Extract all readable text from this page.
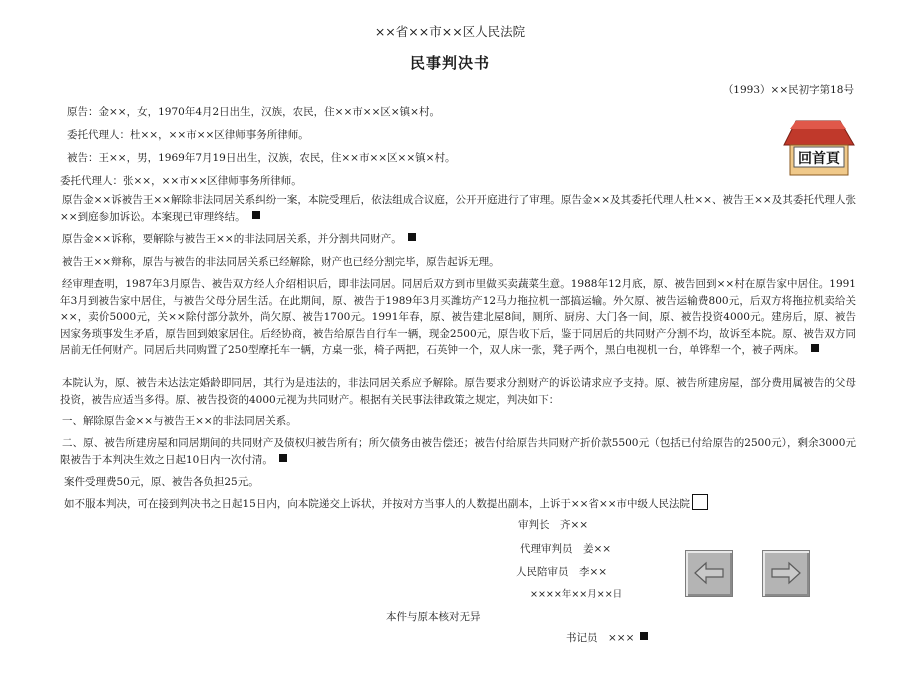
××省××市××区人民法院
民事判决书
（1993）××民初字第18号
原告：金××，女，1970年4月2日出生，汉族，农民，住××市××区×镇×村。
委托代理人：杜××，××市××区律师事务所律师。
被告：王××，男，1969年7月19日出生，汉族，农民，住××市××区××镇×村。
委托代理人：张××，××市××区律师事务所律师。
回首頁
原告金××诉被告王××解除非法同居关系纠纷一案，本院受理后，依法组成合议庭，公开开庭进行了审理。原告金××及其委托代理人杜××、被告王××及其委托代理人张××到庭参加诉讼。本案现已审理终结。
原告金××诉称，要解除与被告王××的非法同居关系，并分割共同财产。
被告王××辩称，原告与被告的非法同居关系已经解除，财产也已经分割完毕，原告起诉无理。
经审理查明，1987年3月原告、被告双方经人介绍相识后，即非法同居。同居后双方到市里做买卖蔬菜生意。1988年12月底，原、被告回到××村在原告家中居住。1991年3月到被告家中居住，与被告父母分居生活。在此期间，原、被告于1989年3月买潍坊产12马力拖拉机一部搞运输。外欠原、被告运输费800元，后双方将拖拉机卖给关××，卖价5000元，关××除付部分款外，尚欠原、被告1700元。1991年春，原、被告建北屋8间，厕所、厨房、大门各一间，原、被告投资4000元。建房后，原、被告因家务琐事发生矛盾，原告回到娘家居住。后经协商，被告给原告自行车一辆，现金2500元，原告收下后，鉴于同居后的共同财产分割不均，故诉至本院。原、被告双方同居前无任何财产。同居后共同购置了250型摩托车一辆，方桌一张，椅子两把，石英钟一个，双人床一张，凳子两个，黑白电视机一台，单铧犁一个，被子两床。
本院认为，原、被告未达法定婚龄即同居，其行为是违法的，非法同居关系应予解除。原告要求分割财产的诉讼请求应予支持。原、被告所建房屋，部分费用属被告的父母投资，被告应适当多得。原、被告投资的4000元视为共同财产。根据有关民事法律政策之规定，判决如下：
一、解除原告金××与被告王××的非法同居关系。
二、原、被告所建房屋和同居期间的共同财产及债权归被告所有；所欠债务由被告偿还；被告付给原告共同财产折价款5500元（包括已付给原告的2500元），剩余3000元限被告于本判决生效之日起10日内一次付清。
案件受理费50元，原、被告各负担25元。
如不服本判决，可在接到判决书之日起15日内，向本院递交上诉状，并按对方当事人的人数提出副本，上诉于××省××市中级人民法院
审判长　齐××
代理审判员　姜××
人民陪审员　李××
××××年××月××日
本件与原本核对无异
书记员　×××
